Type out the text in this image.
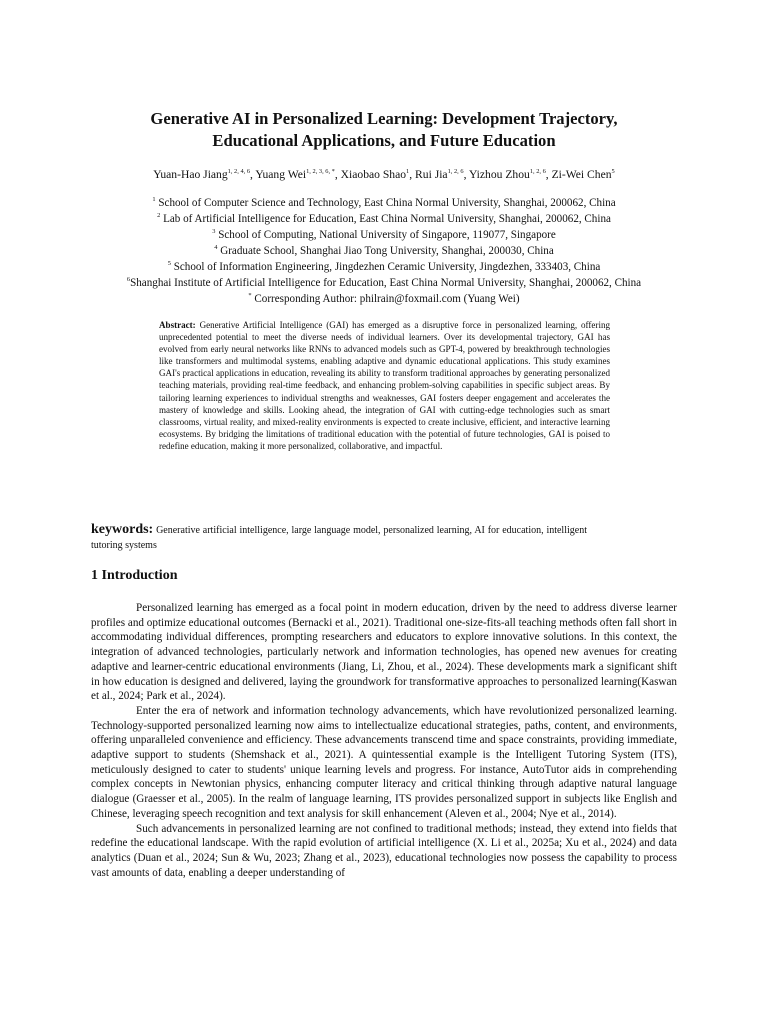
Generative AI in Personalized Learning: Development Trajectory,
Educational Applications, and Future Education
Yuan-Hao Jiang$^{1, 2, 4, 6}$, Yuang Wei$^{1, 2, 3, 6, *}$, Xiaobao Shao$^1$, Rui Jia$^{1, 2, 6}$, Yizhou Zhou$^{1, 2, 6}$, Zi-Wei Chen$^5$
$^1$ School of Computer Science and Technology, East China Normal University, Shanghai, 200062, China
$^2$ Lab of Artificial Intelligence for Education, East China Normal University, Shanghai, 200062, China
$^3$ School of Computing, National University of Singapore, 119077, Singapore
$^4$ Graduate School, Shanghai Jiao Tong University, Shanghai, 200030, China
$^5$ School of Information Engineering, Jingdezhen Ceramic University, Jingdezhen, 333403, China
$^6$Shanghai Institute of Artificial Intelligence for Education, East China Normal University, Shanghai, 200062, China
* Corresponding Author: philrain@foxmail.com (Yuang Wei)
Abstract: Generative Artificial Intelligence (GAI) has emerged as a disruptive force in personalized learning, offering unprecedented potential to meet the diverse needs of individual learners. Over its developmental trajectory, GAI has evolved from early neural networks like RNNs to advanced models such as GPT-4, powered by breakthrough technologies like transformers and multimodal systems, enabling adaptive and dynamic educational applications. This study examines GAI's practical applications in education, revealing its ability to transform traditional approaches by generating personalized teaching materials, providing real-time feedback, and enhancing problem-solving capabilities in specific subject areas. By tailoring learning experiences to individual strengths and weaknesses, GAI fosters deeper engagement and accelerates the mastery of knowledge and skills. Looking ahead, the integration of GAI with cutting-edge technologies such as smart classrooms, virtual reality, and mixed-reality environments is expected to create inclusive, efficient, and interactive learning ecosystems. By bridging the limitations of traditional education with the potential of future technologies, GAI is poised to redefine education, making it more personalized, collaborative, and impactful.
keywords: Generative artificial intelligence, large language model, personalized learning, AI for education, intelligent tutoring systems
1 Introduction

Personalized learning has emerged as a focal point in modern education, driven by the need to address diverse learner profiles and optimize educational outcomes (Bernacki et al., 2021). Traditional one-size-fits-all teaching methods often fall short in accommodating individual differences, prompting researchers and educators to explore innovative solutions. In this context, the integration of advanced technologies, particularly network and information technologies, has opened new avenues for creating adaptive and learner-centric educational environments (Jiang, Li, Zhou, et al., 2024). These developments mark a significant shift in how education is designed and delivered, laying the groundwork for transformative approaches to personalized learning(Kaswan et al., 2024; Park et al., 2024).

Enter the era of network and information technology advancements, which have revolutionized personalized learning. Technology-supported personalized learning now aims to intellectualize educational strategies, paths, content, and environments, offering unparalleled convenience and efficiency. These advancements transcend time and space constraints, providing immediate, adaptive support to students (Shemshack et al., 2021). A quintessential example is the Intelligent Tutoring System (ITS), meticulously designed to cater to students' unique learning levels and progress. For instance, AutoTutor aids in comprehending complex concepts in Newtonian physics, enhancing computer literacy and critical thinking through adaptive natural language dialogue (Graesser et al., 2005). In the realm of language learning, ITS provides personalized support in subjects like English and Chinese, leveraging speech recognition and text analysis for skill enhancement (Aleven et al., 2004; Nye et al., 2014).

Such advancements in personalized learning are not confined to traditional methods; instead, they extend into fields that redefine the educational landscape. With the rapid evolution of artificial intelligence (X. Li et al., 2025a; Xu et al., 2024) and data analytics (Duan et al., 2024; Sun & Wu, 2023; Zhang et al., 2023), educational technologies now possess the capability to process vast amounts of data, enabling a deeper understanding of
